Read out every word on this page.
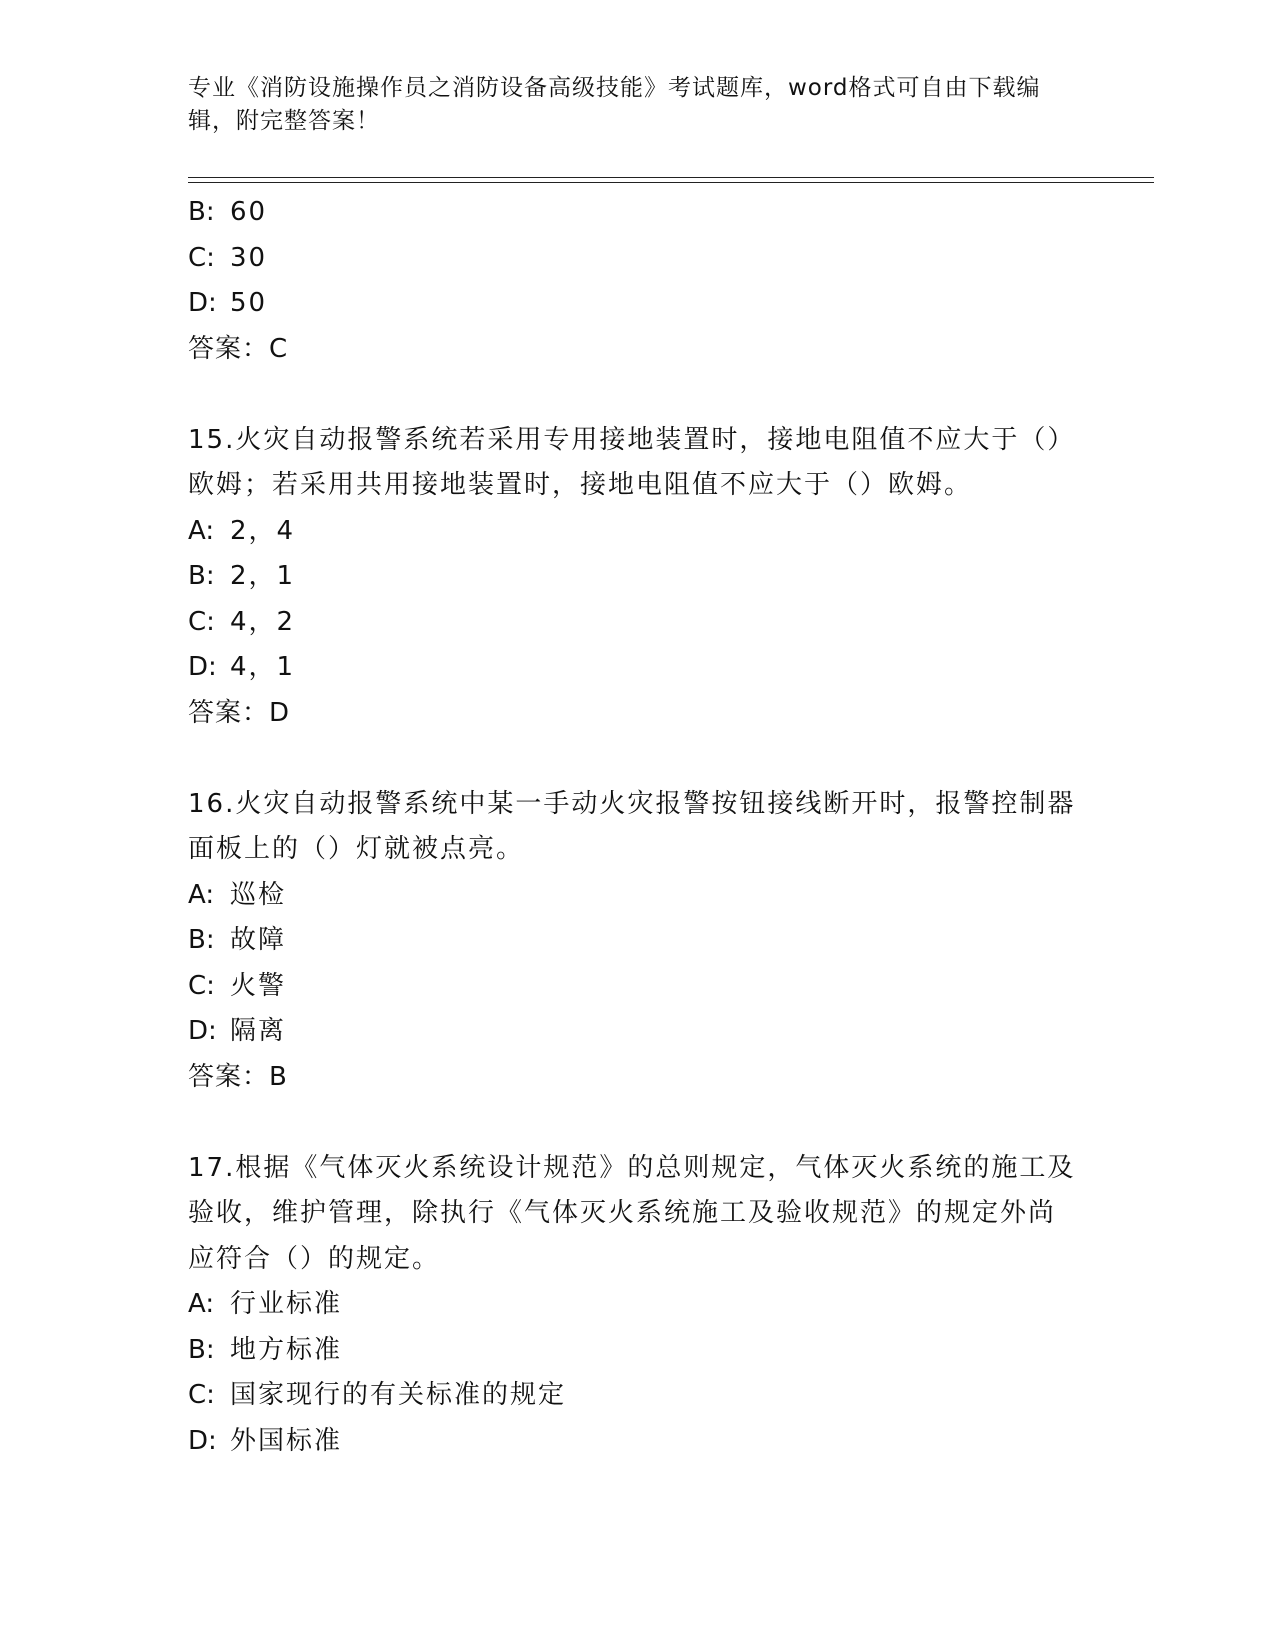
专业《消防设施操作员之消防设备高级技能》考试题库，word格式可自由下载编辑，附完整答案！
B: 60
C: 30
D: 50
答案：C
15.火灾自动报警系统若采用专用接地装置时，接地电阻值不应大于（）欧姆；若采用共用接地装置时，接地电阻值不应大于（）欧姆。
A: 2，4
B: 2，1
C: 4，2
D: 4，1
答案：D
16.火灾自动报警系统中某一手动火灾报警按钮接线断开时，报警控制器面板上的（）灯就被点亮。
A: 巡检
B: 故障
C: 火警
D: 隔离
答案：B
17.根据《气体灭火系统设计规范》的总则规定，气体灭火系统的施工及验收，维护管理，除执行《气体灭火系统施工及验收规范》的规定外尚应符合（）的规定。
A: 行业标准
B: 地方标准
C: 国家现行的有关标准的规定
D: 外国标准
